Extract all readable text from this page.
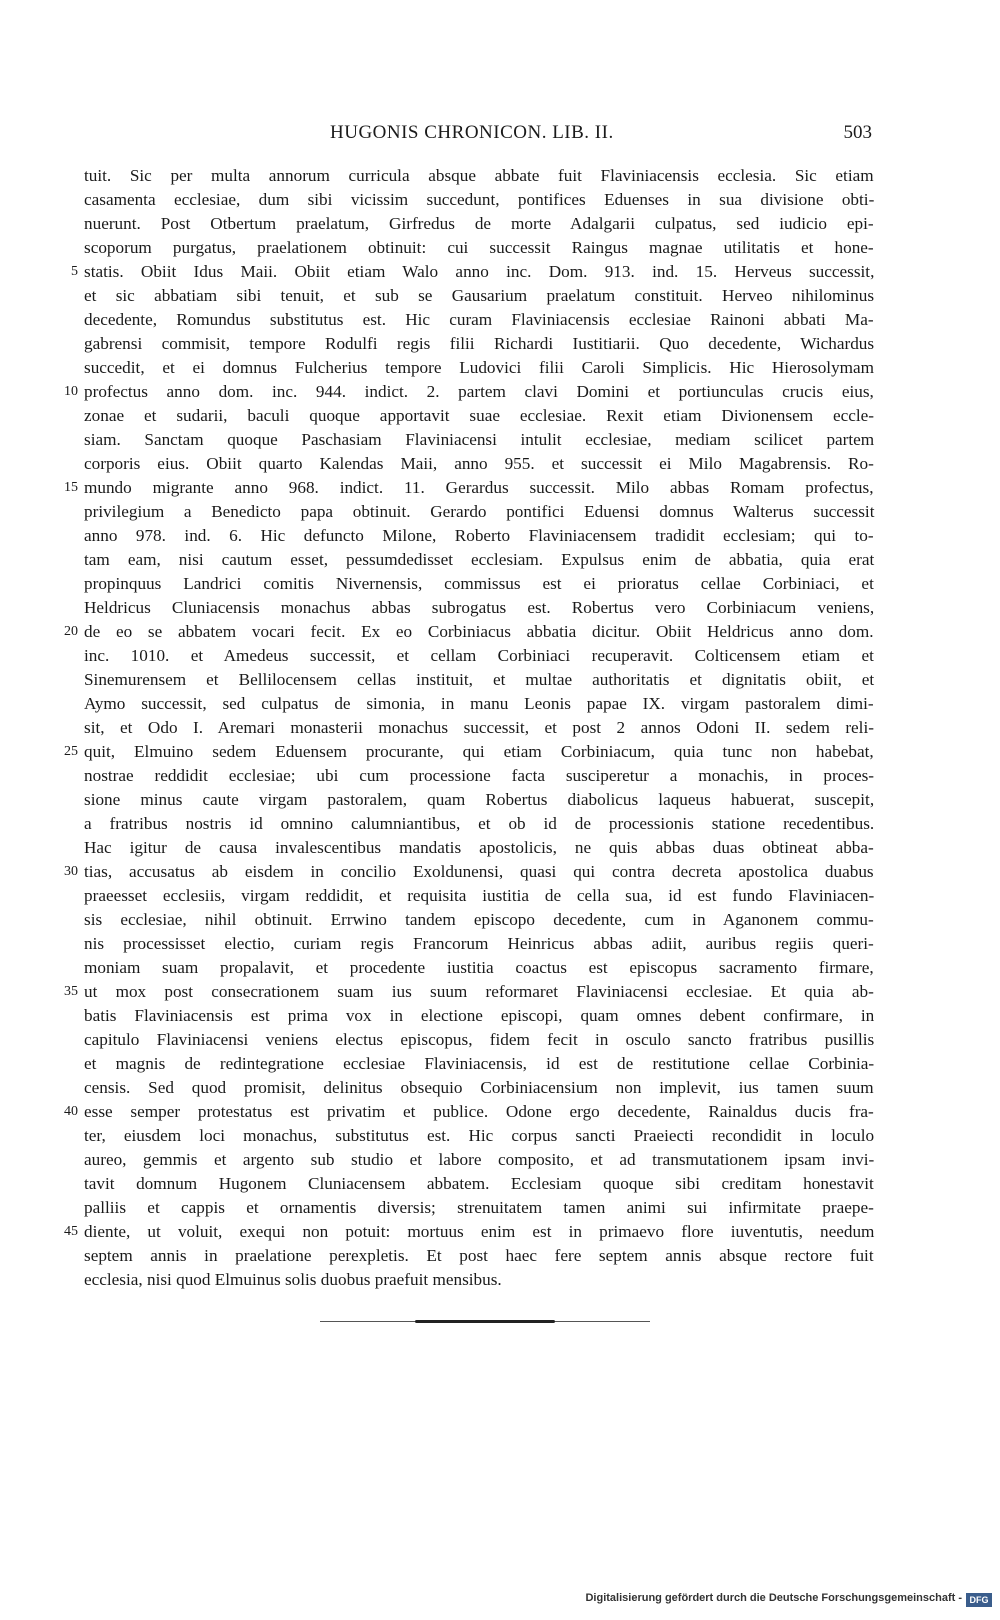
HUGONIS CHRONICON. LIB. II.	503
tuit. Sic per multa annorum curricula absque abbate fuit Flaviniacensis ecclesia. Sic etiam
casamenta ecclesiae, dum sibi vicissim succedunt, pontifices Eduenses in sua divisione obti-
nuerunt. Post Otbertum praelatum, Girfredus de morte Adalgarii culpatus, sed iudicio epi-
scoporum purgatus, praelationem obtinuit: cui successit Raingus magnae utilitatis et hone-
5 statis. Obiit Idus Maii. Obiit etiam Walo anno inc. Dom. 913. ind. 15. Herveus successit,
et sic abbatiam sibi tenuit, et sub se Gausarium praelatum constituit. Herveo nihilominus
decedente, Romundus substitutus est. Hic curam Flaviniacensis ecclesiae Rainoni abbati Ma-
gabrensi commisit, tempore Rodulfi regis filii Richardi Iustitiarii. Quo decedente, Wichardus
succedit, et ei domnus Fulcherius tempore Ludovici filii Caroli Simplicis. Hic Hierosolymam
10 profectus anno dom. inc. 944. indict. 2. partem clavi Domini et portiunculas crucis eius,
zonae et sudarii, baculi quoque apportavit suae ecclesiae. Rexit etiam Divionensem eccle-
siam. Sanctam quoque Paschasiam Flaviniacensi intulit ecclesiae, mediam scilicet partem
corporis eius. Obiit quarto Kalendas Maii, anno 955. et successit ei Milo Magabrensis. Ro-
15 mundo migrante anno 968. indict. 11. Gerardus successit. Milo abbas Romam profectus,
privilegium a Benedicto papa obtinuit. Gerardo pontifici Eduensi domnus Walterus successit
anno 978. ind. 6. Hic defuncto Milone, Roberto Flaviniacensem tradidit ecclesiam; qui to-
tam eam, nisi cautum esset, pessumdedisset ecclesiam. Expulsus enim de abbatia, quia erat
propinquus Landrici comitis Nivernensis, commissus est ei prioratus cellae Corbiniaci, et
Heldricus Cluniacensis monachus abbas subrogatus est. Robertus vero Corbiniacum veniens,
20 de eo se abbatem vocari fecit. Ex eo Corbiniacus abbatia dicitur. Obiit Heldricus anno dom.
inc. 1010. et Amedeus successit, et cellam Corbiniaci recuperavit. Colticensem etiam et
Sinemurensem et Bellilocensem cellas instituit, et multae authoritatis et dignitatis obiit, et
Aymo successit, sed culpatus de simonia, in manu Leonis papae IX. virgam pastoralem dimi-
sit, et Odo I. Aremari monasterii monachus successit, et post 2 annos Odoni II. sedem reli-
25 quit, Elmuino sedem Eduensem procurante, qui etiam Corbiniacum, quia tunc non habebat,
nostrae reddidit ecclesiae; ubi cum processione facta susciperetur a monachis, in proces-
sione minus caute virgam pastoralem, quam Robertus diabolicus laqueus habuerat, suscepit,
a fratribus nostris id omnino calumniantibus, et ob id de processionis statione recedentibus.
Hac igitur de causa invalescentibus mandatis apostolicis, ne quis abbas duas obtineat abba-
30 tias, accusatus ab eisdem in concilio Exoldunensi, quasi qui contra decreta apostolica duabus
praeesset ecclesiis, virgam reddidit, et requisita iustitia de cella sua, id est fundo Flaviniacen-
sis ecclesiae, nihil obtinuit. Errwino tandem episcopo decedente, cum in Aganonem commu-
nis processisset electio, curiam regis Francorum Heinricus abbas adiit, auribus regiis queri-
moniam suam propalavit, et procedente iustitia coactus est episcopus sacramento firmare,
35 ut mox post consecrationem suam ius suum reformaret Flaviniacensi ecclesiae. Et quia ab-
batis Flaviniacensis est prima vox in electione episcopi, quam omnes debent confirmare, in
capitulo Flaviniacensi veniens electus episcopus, fidem fecit in osculo sancto fratribus pusillis
et magnis de redintegratione ecclesiae Flaviniacensis, id est de restitutione cellae Corbinia-
censis. Sed quod promisit, delinitus obsequio Corbiniacensium non implevit, ius tamen suum
40 esse semper protestatus est privatim et publice. Odone ergo decedente, Rainaldus ducis fra-
ter, eiusdem loci monachus, substitutus est. Hic corpus sancti Praeiecti recondidit in loculo
aureo, gemmis et argento sub studio et labore composito, et ad transmutationem ipsam invi-
tavit domnum Hugonem Cluniacensem abbatem. Ecclesiam quoque sibi creditam honestavit
palliis et cappis et ornamentis diversis; strenuitatem tamen animi sui infirmitate praepe-
45 diente, ut voluit, exequi non potuit: mortuus enim est in primaevo flore iuventutis, needum
septem annis in praelatione perexpletis. Et post haec fere septem annis absque rectore fuit
ecclesia, nisi quod Elmuinus solis duobus praefuit mensibus.
Digitalisierung gefördert durch die Deutsche Forschungsgemeinschaft - DFG
